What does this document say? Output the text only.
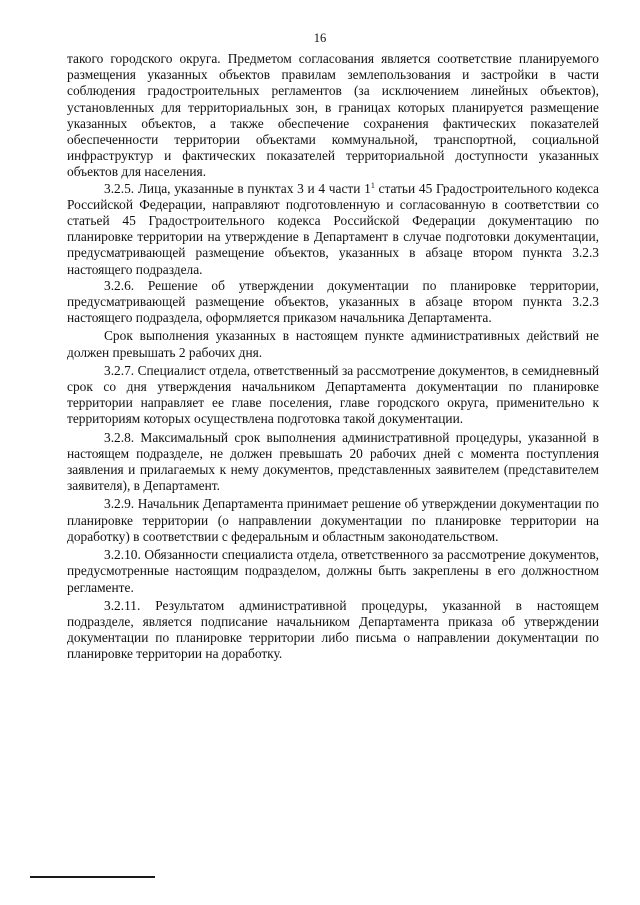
16

такого городского округа. Предметом согласования является соответствие планируемого размещения указанных объектов правилам землепользования и застройки в части соблюдения градостроительных регламентов (за исключением линейных объектов), установленных для территориальных зон, в границах которых планируется размещение указанных объектов, а также обеспечение сохранения фактических показателей обеспеченности территории объектами коммунальной, транспортной, социальной инфраструктур и фактических показателей территориальной доступности указанных объектов для населения.

3.2.5. Лица, указанные в пунктах 3 и 4 части $1^1$ статьи 45 Градостроительного кодекса Российской Федерации, направляют подготовленную и согласованную в соответствии со статьей 45 Градостроительного кодекса Российской Федерации документацию по планировке территории на утверждение в Департамент в случае подготовки документации, предусматривающей размещение объектов, указанных в абзаце втором пункта 3.2.3 настоящего подраздела.

3.2.6. Решение об утверждении документации по планировке территории, предусматривающей размещение объектов, указанных в абзаце втором пункта 3.2.3 настоящего подраздела, оформляется приказом начальника Департамента.

Срок выполнения указанных в настоящем пункте административных действий не должен превышать 2 рабочих дня.

3.2.7. Специалист отдела, ответственный за рассмотрение документов, в семидневный срок со дня утверждения начальником Департамента документации по планировке территории направляет ее главе поселения, главе городского округа, применительно к территориям которых осуществлена подготовка такой документации.

3.2.8. Максимальный срок выполнения административной процедуры, указанной в настоящем подразделе, не должен превышать 20 рабочих дней с момента поступления заявления и прилагаемых к нему документов, представленных заявителем (представителем заявителя), в Департамент.

3.2.9. Начальник Департамента принимает решение об утверждении документации по планировке территории (о направлении документации по планировке территории на доработку) в соответствии с федеральным и областным законодательством.

3.2.10. Обязанности специалиста отдела, ответственного за рассмотрение документов, предусмотренные настоящим подразделом, должны быть закреплены в его должностном регламенте.

3.2.11. Результатом административной процедуры, указанной в настоящем подразделе, является подписание начальником Департамента приказа об утверждении документации по планировке территории либо письма о направлении документации по планировке территории на доработку.
